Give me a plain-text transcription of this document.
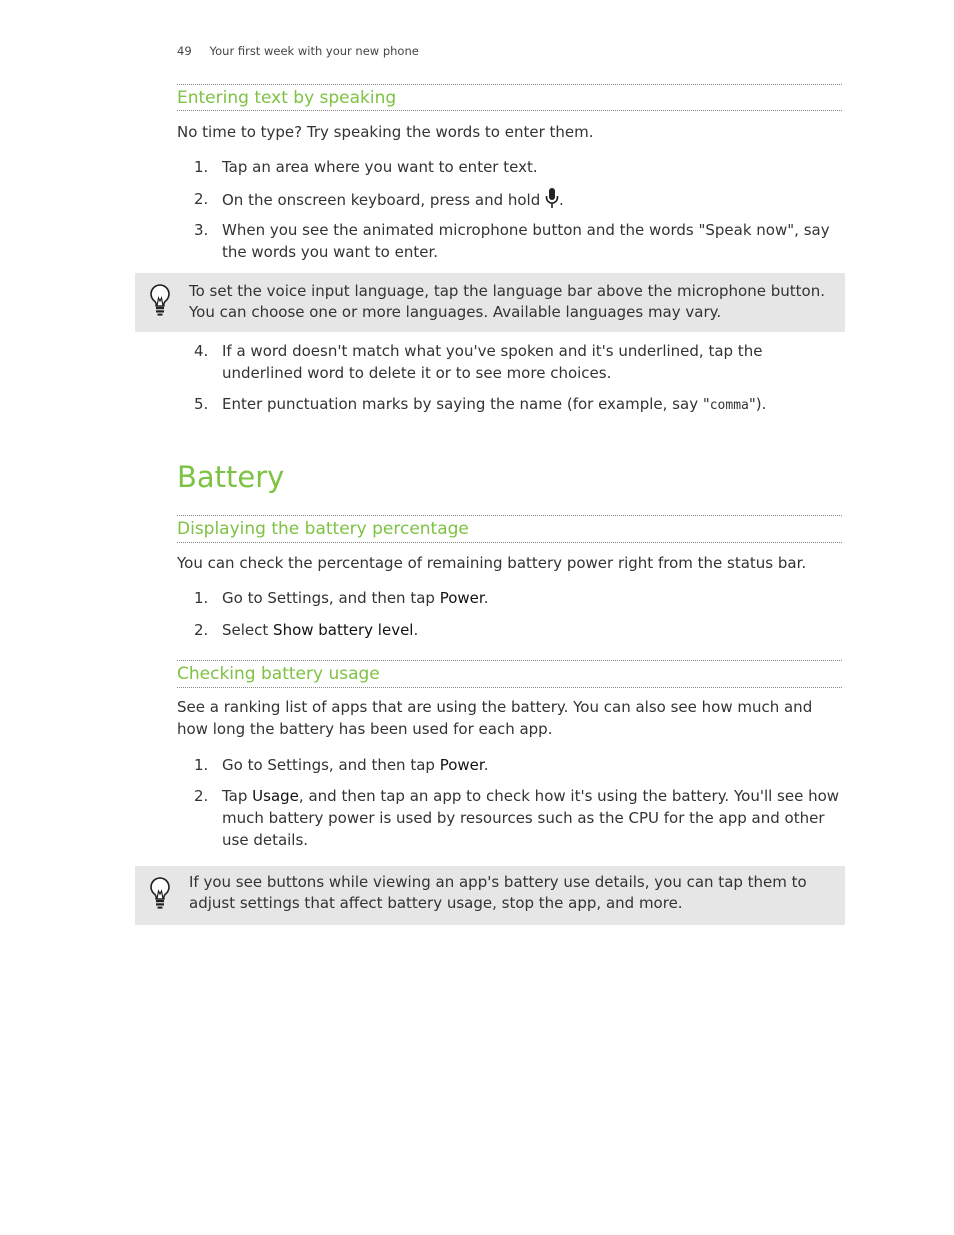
49 Your first week with your new phone
Entering text by speaking
No time to type? Try speaking the words to enter them.
1. Tap an area where you want to enter text.
2. On the onscreen keyboard, press and hold .
3. When you see the animated microphone button and the words "Speak now", say the words you want to enter.
To set the voice input language, tap the language bar above the microphone button. You can choose one or more languages. Available languages may vary.
4. If a word doesn't match what you've spoken and it's underlined, tap the underlined word to delete it or to see more choices.
5. Enter punctuation marks by saying the name (for example, say "comma").
Battery
Displaying the battery percentage
You can check the percentage of remaining battery power right from the status bar.
1. Go to Settings, and then tap Power.
2. Select Show battery level.
Checking battery usage
See a ranking list of apps that are using the battery. You can also see how much and how long the battery has been used for each app.
1. Go to Settings, and then tap Power.
2. Tap Usage, and then tap an app to check how it's using the battery. You'll see how much battery power is used by resources such as the CPU for the app and other use details.
If you see buttons while viewing an app's battery use details, you can tap them to adjust settings that affect battery usage, stop the app, and more.
